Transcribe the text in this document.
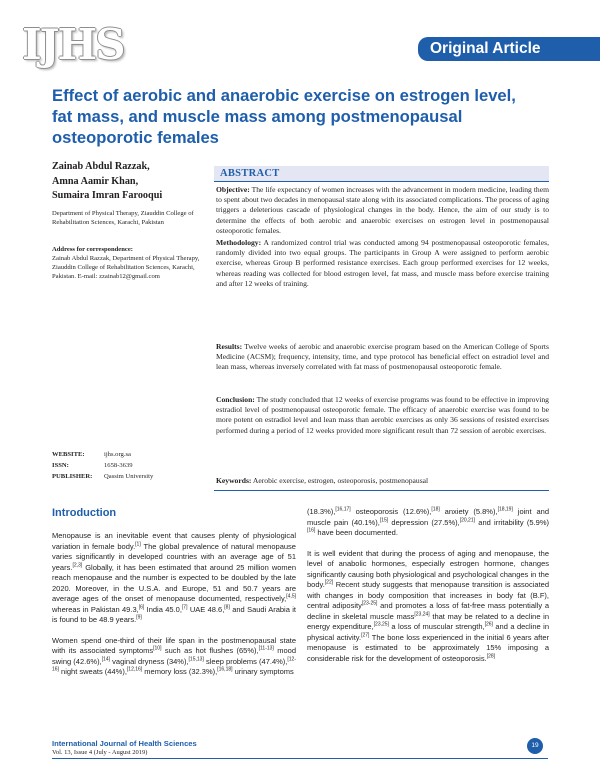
IJHS	Original Article
Effect of aerobic and anaerobic exercise on estrogen level, fat mass, and muscle mass among postmenopausal osteoporotic females
Zainab Abdul Razzak,
Amna Aamir Khan,
Sumaira Imran Farooqui
Department of Physical Therapy, Ziauddin College of Rehabilitation Sciences, Karachi, Pakistan
Address for correspondence:
Zainab Abdul Razzak, Department of Physical Therapy, Ziauddin College of Rehabilitation Sciences, Karachi, Pakistan. E-mail: zzainab12@gmail.com
WEBSITE:	ijhs.org.sa
ISSN:	1658-3639
PUBLISHER:	Qassim University
ABSTRACT

Objective: The life expectancy of women increases with the advancement in modern medicine, leading them to spent about two decades in menopausal state along with its associated complications. The process of aging triggers a deleterious cascade of physiological changes in the body. Hence, the aim of our study is to determine the effects of both aerobic and anaerobic exercises on estrogen level in postmenopausal osteoporotic females.

Methodology: A randomized control trial was conducted among 94 postmenopausal osteoporotic females, randomly divided into two equal groups. The participants in Group A were assigned to perform aerobic exercise, whereas Group B performed resistance exercises. Each group performed exercises for 12 weeks, whereas reading was collected for blood estrogen level, fat mass, and muscle mass before exercise training and after 12 weeks of training.

Results: Twelve weeks of aerobic and anaerobic exercise program based on the American College of Sports Medicine (ACSM); frequency, intensity, time, and type protocol has beneficial effect on estradiol level and lean mass, whereas inversely correlated with fat mass of postmenopausal osteoporotic female.

Conclusion: The study concluded that 12 weeks of exercise programs was found to be effective in improving estradiol level of postmenopausal osteoporotic female. The efficacy of anaerobic exercise was found to be more potent on estradiol level and lean mass than aerobic exercises as only 36 sessions of resisted exercises performed during a period of 12 weeks provided more significant result than 72 session of aerobic exercises.

Keywords: Aerobic exercise, estrogen, osteoporosis, postmenopausal

Introduction

Menopause is an inevitable event that causes plenty of physiological variation in female body.[1] The global prevalence of natural menopause varies significantly in developed countries with an average age of 51 years.[2,3] Globally, it has been estimated that around 25 million women reach menopause and the number is expected to be doubled by the late 2020. Moreover, in the U.S.A. and Europe, 51 and 50.7 years are average ages of the onset of menopause documented, respectively,[4,5] whereas in Pakistan 49.3,[6] India 45.0,[7] UAE 48.6,[8] and Saudi Arabia it is found to be 48.9 years.[9]

Women spend one-third of their life span in the postmenopausal state with its associated symptoms[10] such as hot flushes (65%),[11-13] mood swing (42.6%),[14] vaginal dryness (34%),[15,13] sleep problems (47.4%),[12-16] night sweats (44%),[12,16] memory loss (32.3%),[16,18] urinary symptoms

(18.3%),[16,17] osteoporosis (12.6%),[18] anxiety (5.8%),[18,19] joint and muscle pain (40.1%),[15] depression (27.5%),[20,21] and irritability (5.9%)[16] have been documented.

It is well evident that during the process of aging and menopause, the level of anabolic hormones, especially estrogen hormone, changes significantly causing both physiological and psychological changes in the body.[22] Recent study suggests that menopause transition is associated with changes in body composition that increases in body fat (B.F), central adiposity[23-25] and promotes a loss of fat-free mass potentially a decline in skeletal muscle mass[23,24] that may be related to a decline in energy expenditure,[23,25] a loss of muscular strength,[26] and a decline in physical activity.[27] The bone loss experienced in the initial 6 years after menopause is estimated to be approximately 15% imposing a considerable risk for the development of osteoporosis.[28]

International Journal of Health Sciences
Vol. 13, Issue 4 (July - August 2019)
19
